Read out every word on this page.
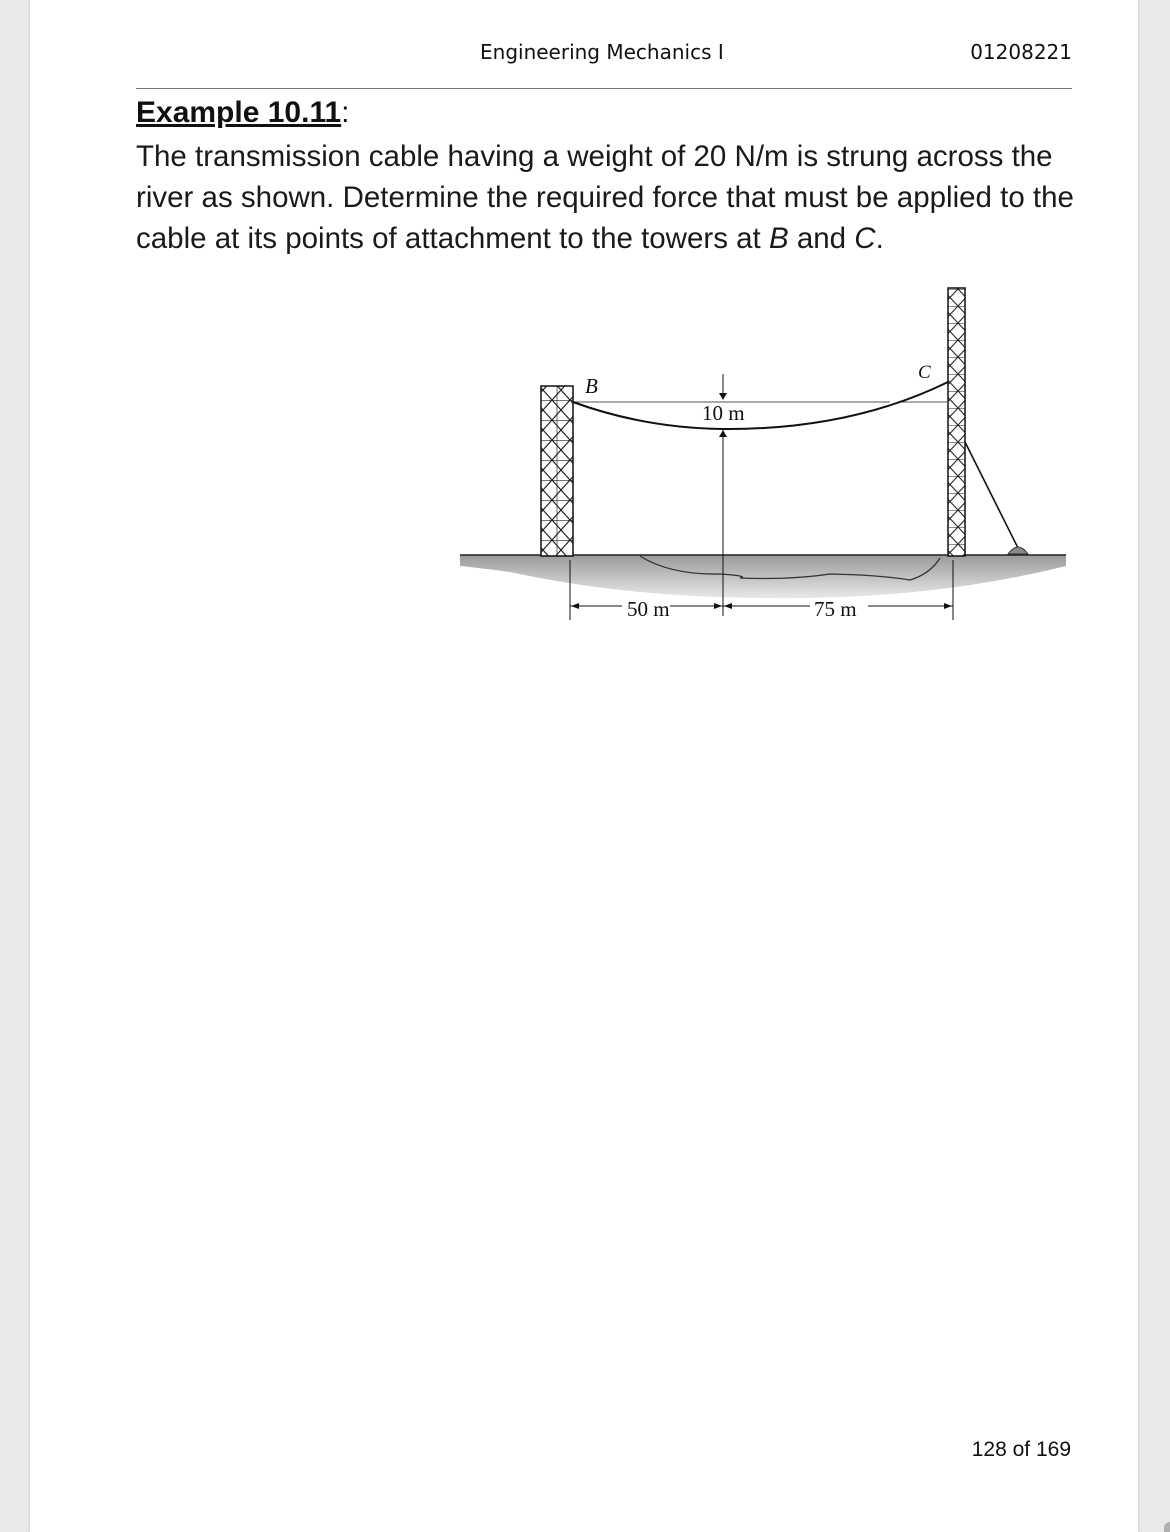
Engineering Mechanics I	01208221
Example 10.11:

The transmission cable having a weight of 20 N/m is strung across the river as shown. Determine the required force that must be applied to the cable at its points of attachment to the towers at B and C.

B
C
10 m
50 m	75 m
128 of 169
